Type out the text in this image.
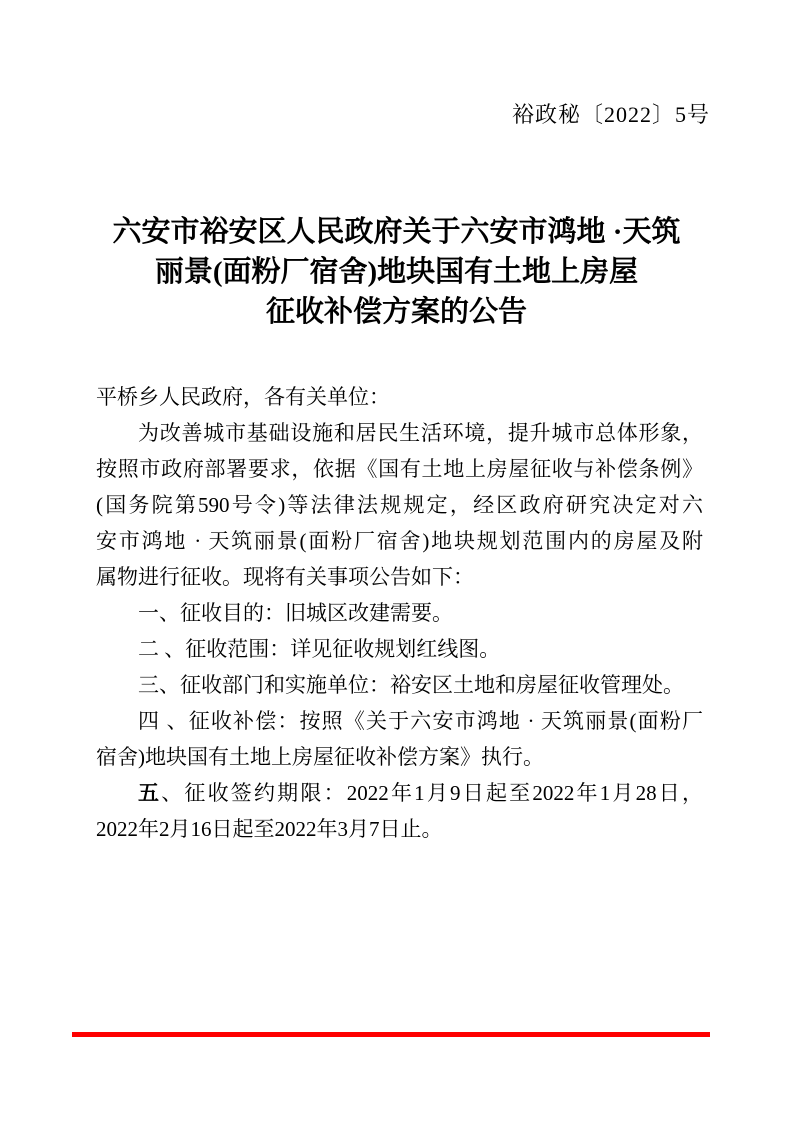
裕政秘〔2022〕5号
六安市裕安区人民政府关于六安市鸿地 ·天筑
丽景(面粉厂宿舍)地块国有土地上房屋
征收补偿方案的公告
平桥乡人民政府，各有关单位：
为改善城市基础设施和居民生活环境，提升城市总体形象，
按照市政府部署要求，依据《国有土地上房屋征收与补偿条例》
(国务院第590号令)等法律法规规定，经区政府研究决定对六
安市鸿地 · 天筑丽景(面粉厂宿舍)地块规划范围内的房屋及附
属物进行征收。现将有关事项公告如下：
一、征收目的：旧城区改建需要。
二 、征收范围：详见征收规划红线图。
三、征收部门和实施单位：裕安区土地和房屋征收管理处。
四 、征收补偿：按照《关于六安市鸿地 · 天筑丽景(面粉厂
宿舍)地块国有土地上房屋征收补偿方案》执行。
五、征收签约期限：2022年1月9日起至2022年1月28日，
2022年2月16日起至2022年3月7日止。
